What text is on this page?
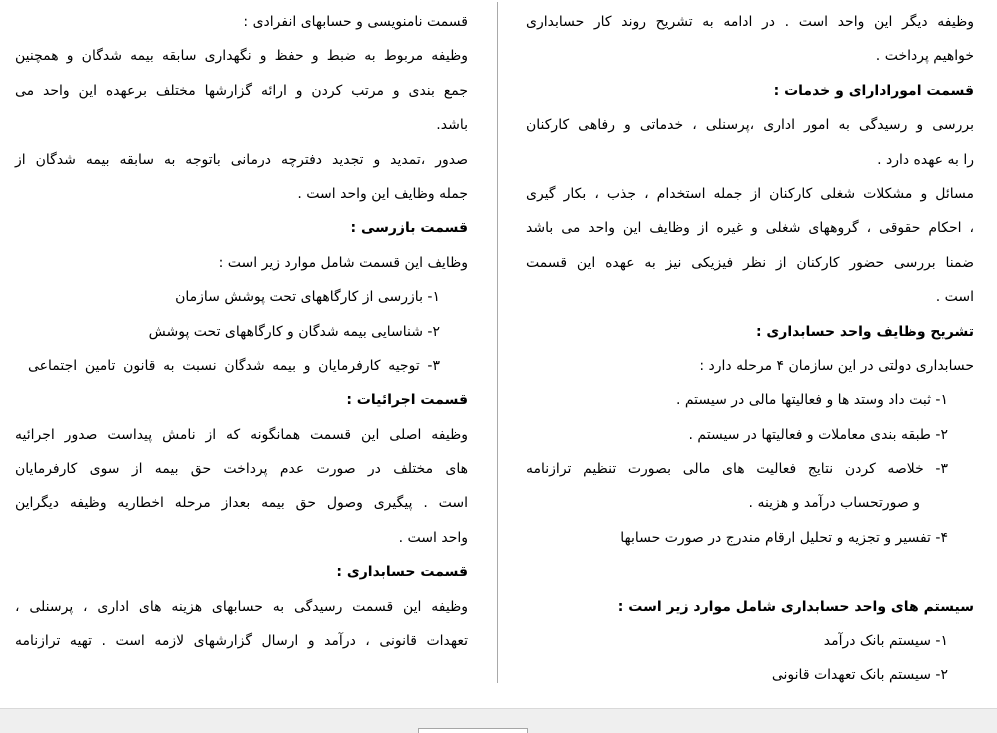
وظیفه دیگر این واحد است . در ادامه به تشریح روند کار حسابداری
خواهیم پرداخت .
قسمت امورادارای و خدمات :
بررسی و رسیدگی به امور اداری ،پرسنلی ، خدماتی و رفاهی کارکنان
را به عهده دارد .
مسائل و مشکلات شغلی کارکنان از جمله استخدام ، جذب ، بکار گیری
، احکام حقوقی ، گروههای شغلی و غیره از وظایف این واحد می باشد
ضمنا بررسی حضور کارکنان از نظر فیزیکی نیز به عهده این قسمت
است .
تشریح وظایف واحد حسابداری :
حسابداری دولتی در این سازمان ۴ مرحله دارد :
۱- ثبت داد وستد ها و فعالیتها مالی در سیستم .
۲- طبقه بندی معاملات و فعالیتها در سیستم .
۳- خلاصه کردن نتایج فعالیت های مالی بصورت تنظیم ترازنامه
و صورتحساب درآمد و هزینه .
۴- تفسیر و تجزیه و تحلیل ارقام مندرج در صورت حسابها
سیستم های واحد حسابداری شامل موارد زیر است :
۱- سیستم بانک درآمد
۲- سیستم بانک تعهدات قانونی
قسمت نامنویسی و حسابهای انفرادی :
وظیفه مربوط به ضبط و حفظ و نگهداری سابقه بیمه شدگان و همچنین
جمع بندی و مرتب کردن و ارائه گزارشها مختلف برعهده این واحد می
باشد.
صدور ،تمدید و تجدید دفترچه درمانی باتوجه به سابقه بیمه شدگان از
جمله وظایف این واحد است .
قسمت بازرسی :
وظایف این قسمت شامل موارد زیر است :
۱- بازرسی از کارگاههای تحت پوشش سازمان
۲- شناسایی بیمه شدگان و کارگاههای تحت پوشش
۳- توجیه کارفرمایان و بیمه شدگان نسبت به قانون تامین اجتماعی
قسمت اجرائیات :
وظیفه اصلی این قسمت همانگونه که از نامش پیداست صدور اجرائیه
های مختلف در صورت عدم پرداخت حق بیمه از سوی کارفرمایان
است . پیگیری وصول حق بیمه بعداز مرحله اخطاریه وظیفه دیگراین
واحد است .
قسمت حسابداری :
وظیفه این قسمت رسیدگی به حسابهای هزینه های اداری ، پرسنلی ،
تعهدات قانونی ، درآمد و ارسال گزارشهای لازمه است . تهیه ترازنامه
